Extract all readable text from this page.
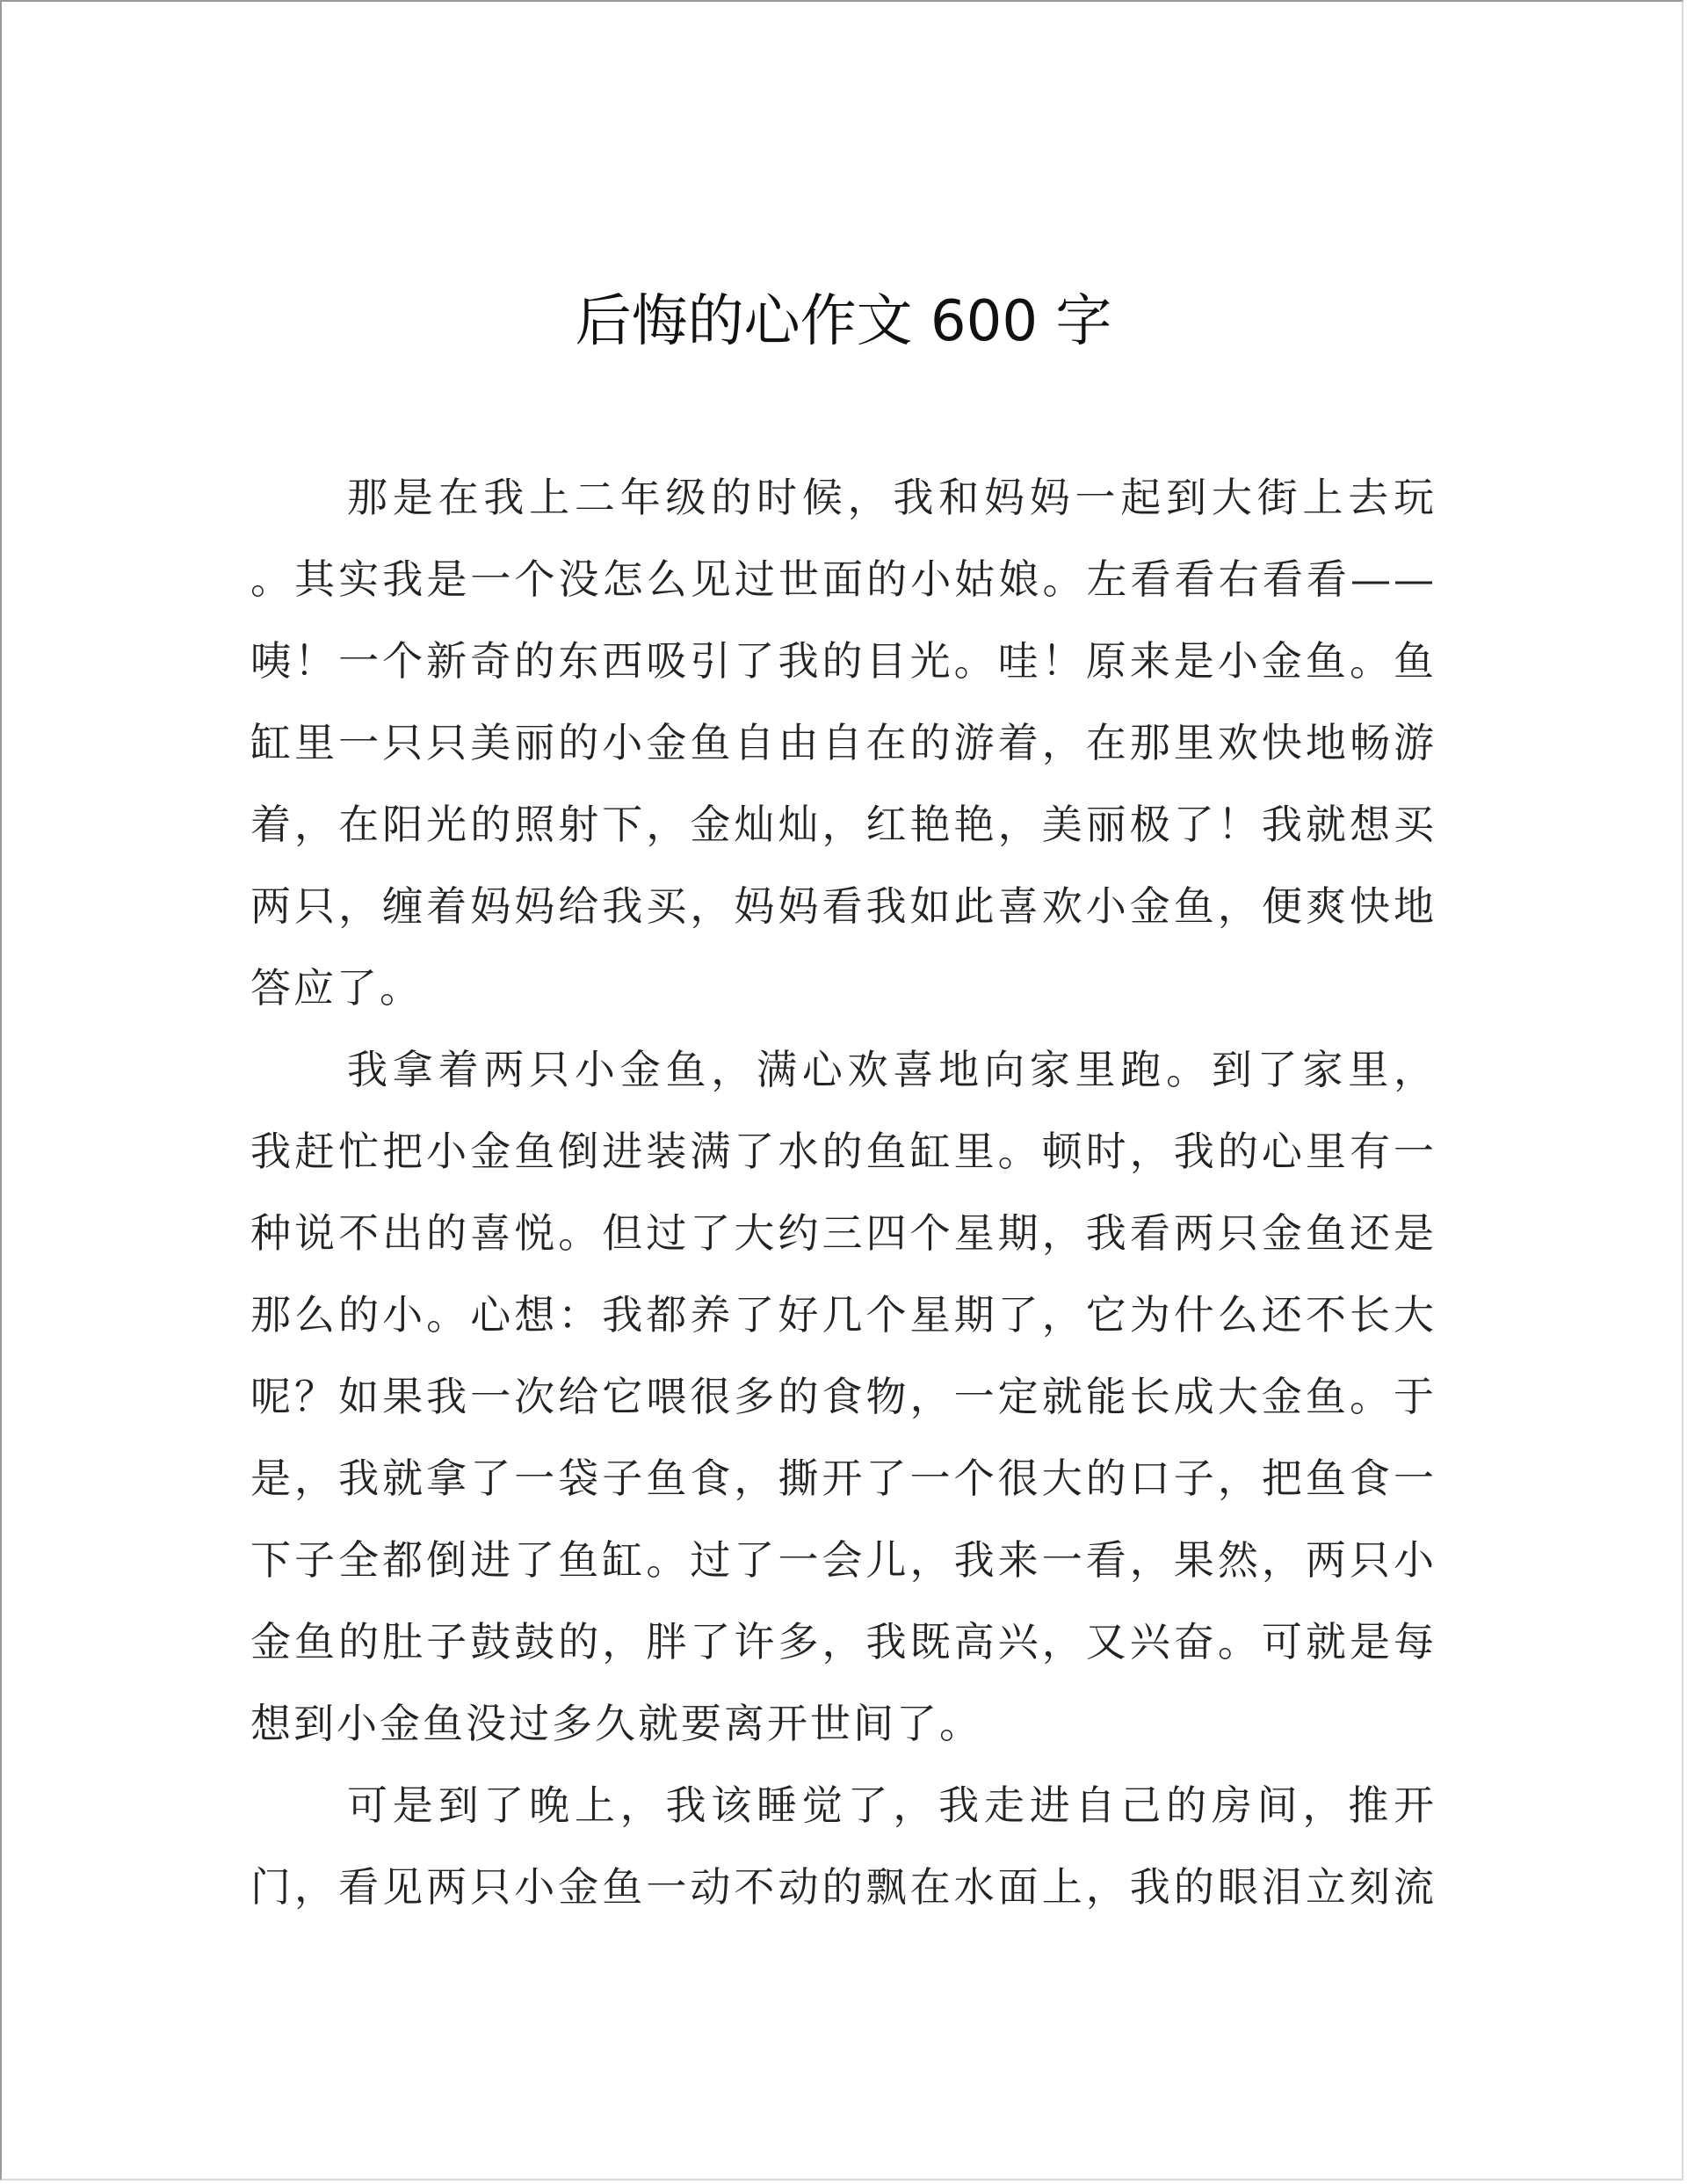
后悔的心作文 600 字
那是在我上二年级的时候，我和妈妈一起到大街上去玩
。其实我是一个没怎么见过世面的小姑娘。左看看右看看——
咦！一个新奇的东西吸引了我的目光。哇！原来是小金鱼。鱼
缸里一只只美丽的小金鱼自由自在的游着，在那里欢快地畅游
着，在阳光的照射下，金灿灿，红艳艳，美丽极了！我就想买
两只，缠着妈妈给我买，妈妈看我如此喜欢小金鱼，便爽快地
答应了。
我拿着两只小金鱼，满心欢喜地向家里跑。到了家里，
我赶忙把小金鱼倒进装满了水的鱼缸里。顿时，我的心里有一
种说不出的喜悦。但过了大约三四个星期，我看两只金鱼还是
那么的小。心想：我都养了好几个星期了，它为什么还不长大
呢？如果我一次给它喂很多的食物，一定就能长成大金鱼。于
是，我就拿了一袋子鱼食，撕开了一个很大的口子，把鱼食一
下子全都倒进了鱼缸。过了一会儿，我来一看，果然，两只小
金鱼的肚子鼓鼓的，胖了许多，我既高兴，又兴奋。可就是每
想到小金鱼没过多久就要离开世间了。
可是到了晚上，我该睡觉了，我走进自己的房间，推开
门，看见两只小金鱼一动不动的飘在水面上，我的眼泪立刻流
